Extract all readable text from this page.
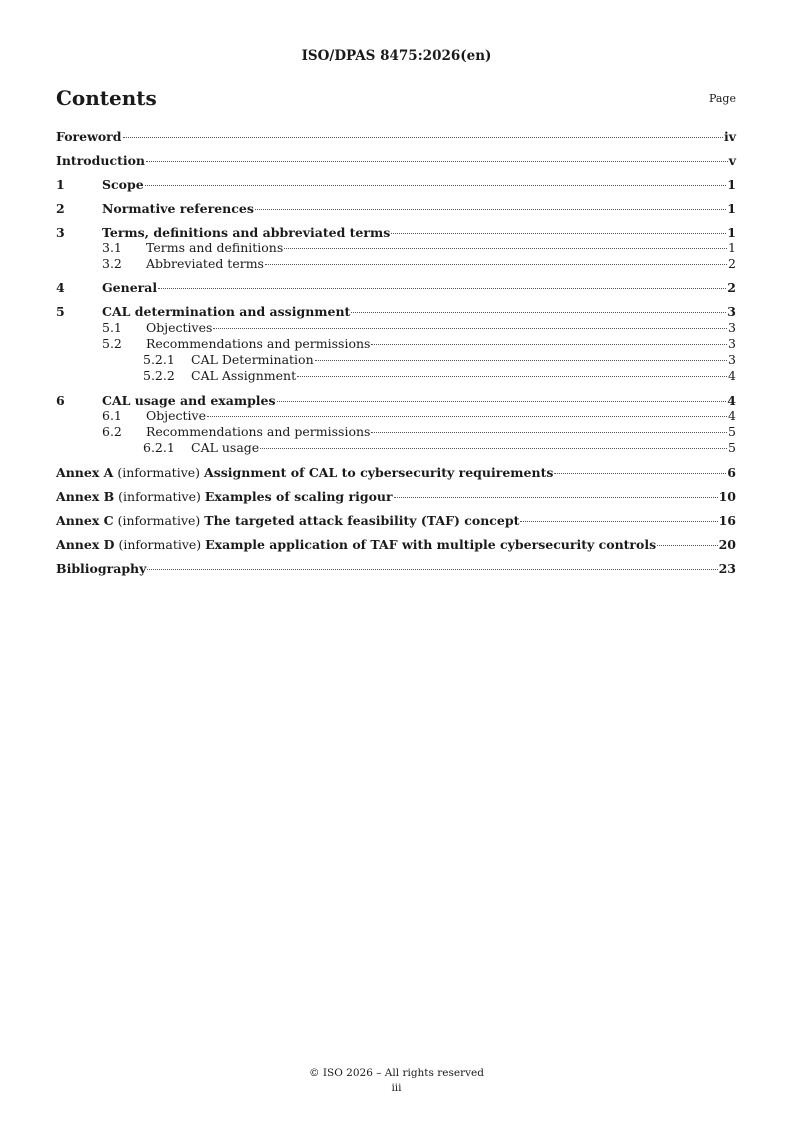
ISO/DPAS 8475:2026(en)
Contents	Page
Foreword	iv
Introduction	v
1	Scope	1
2	Normative references	1
3	Terms, definitions and abbreviated terms	1
3.1	Terms and definitions	1
3.2	Abbreviated terms	2
4	General	2
5	CAL determination and assignment	3
5.1	Objectives	3
5.2	Recommendations and permissions	3
5.2.1	CAL Determination	3
5.2.2	CAL Assignment	4
6	CAL usage and examples	4
6.1	Objective	4
6.2	Recommendations and permissions	5
6.2.1	CAL usage	5
Annex A (informative) Assignment of CAL to cybersecurity requirements	6
Annex B (informative) Examples of scaling rigour	10
Annex C (informative) The targeted attack feasibility (TAF) concept	16
Annex D (informative) Example application of TAF with multiple cybersecurity controls	20
Bibliography	23
© ISO 2026 – All rights reserved
iii
